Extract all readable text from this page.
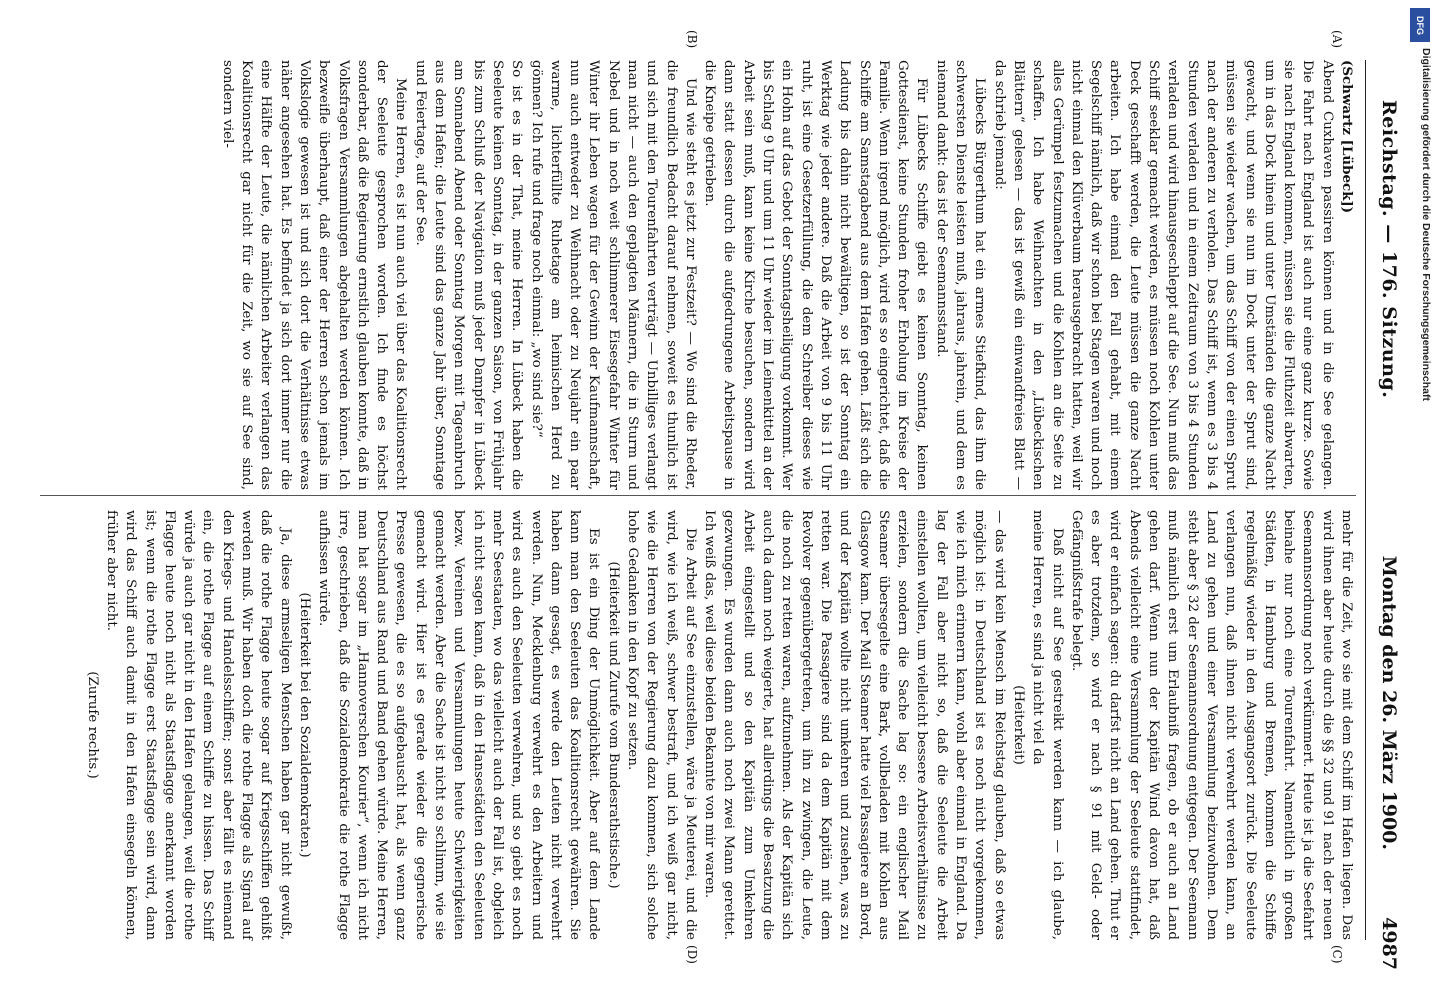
Reichstag. — 176. Sitzung.
Montag den 26. März 1900.
4987

(Schwartz [Lübeck])

Abend Cuxhaven passiren können und in die See gelangen. Die Fahrt nach England ist auch nur eine ganz kurze. Sowie sie nach England kommen, müssen sie die Fluthzeit abwarten, um in das Dock hinein und unter Umständen die ganze Nacht gewacht, und wenn sie nun im Dock unter der Sprut sind, müssen sie wieder wachen, um das Schiff von der einen Sprut nach der anderen zu verholen. Das Schiff ist, wenn es 3 bis 4 Stunden verladen und in einem Zeitraum von 3 bis 4 Stunden verladen und wird hinausgeschleppt auf die See. Nun muß das Schiff seeklar gemacht werden, es müssen noch Kohlen unter Deck geschafft werden, die Leute müssen die ganze Nacht arbeiten. Ich habe einmal den Fall gehabt, mit einem Segelschiff nämlich, daß wir schon bei Stagen waren und noch nicht einmal den Klüverbaum herausgebracht hatten, weil wir alles Gerümpel festzumachen und die Kohlen an die Seite zu schaffen. Ich habe Weihnachten in den „Lübeckischen Blättern“ gelesen — das ist gewiß ein einwandfreies Blatt — da schrieb jemand:

Lübecks Bürgerthum hat ein armes Stiefkind, das ihm die schwersten Dienste leisten muß, jahraus, jahrein, und dem es niemand dankt: das ist der Seemannsstand.

Für Lübecks Schiffe giebt es keinen Sonntag, keinen Gottesdienst, keine Stunden froher Erholung im Kreise der Familie. Wenn irgend möglich, wird es so eingerichtet, daß die Schiffe am Samstagabend aus dem Hafen gehen. Läßt sich die Ladung bis dahin nicht bewältigen, so ist der Sonntag ein Werktag wie jeder andere. Daß die Arbeit von 9 bis 11 Uhr ruht, ist eine Gesetzerfüllung, die dem Schreiber dieses wie ein Hohn auf das Gebot der Sonntagsheiligung vorkommt. Wer bis Schlag 9 Uhr und um 11 Uhr wieder im Leinenkittel an der Arbeit sein muß, kann keine Kirche besuchen, sondern wird dann statt dessen durch die aufgedrungene Arbeitspause in die Kneipe getrieben.

Und wie steht es jetzt zur Festzeit? — Wo sind die Rheder, die freundlich Bedacht darauf nehmen, soweit es thunlich ist und sich mit den Tourenfahrten verträgt — Unbilliges verlangt man nicht — auch den geplagten Männern, die in Sturm und Nebel und in noch weit schlimmerer Eisesgefahr Winter für Winter ihr Leben wagen für der Gewinn der Kaufmannschaft, nun auch entweder zu Weihnacht oder zu Neujahr ein paar warme, lichterfüllte Ruhetage am heimischen Herd zu gönnen? Ich rufe und frage noch einmal: „wo sind sie?“

So ist es in der That, meine Herren. In Lübeck haben die Seeleute keinen Sonntag, in der ganzen Saison, von Frühjahr bis zum Schluß der Navigation muß jeder Dampfer in Lübeck am Sonnabend Abend oder Sonntag Morgen mit Tageanbruch aus dem Hafen; die Leute sind das ganze Jahr über, Sonntage und Feiertage, auf der See.

Meine Herren, es ist nun auch viel über das Koalitionsrecht der Seeleute gesprochen worden. Ich finde es höchst sonderbar, daß die Regierung ernstlich glauben konnte, daß in Volksfragen Versammlungen abgehalten werden können. Ich bezweifle überhaupt, daß einer der Herren schon jemals im Volkslogie gewesen ist und sich dort die Verhältnisse etwas näher angesehen hat. Es befindet ja sich dort immer nur die eine Hälfte der Leute, die nämlichen Arbeiter verlangen das Koalitionsrecht gar nicht für die Zeit, wo sie auf See sind, sondern viel-

mehr für die Zeit, wo sie mit dem Schiff im Hafen liegen. Das wird ihnen aber heute durch die §§ 32 und 91 nach der neuen Seemannsordnung noch verkümmert. Heute ist ja die Seefahrt beinahe nur noch eine Tourenfahrt. Namentlich in großen Städten, in Hamburg und Bremen, kommen die Schiffe regelmäßig wieder in den Ausgangsort zurück. Die Seeleute verlangen nun, daß ihnen nicht verwehrt werden kann, an Land zu gehen und einer Versammlung beizuwohnen. Dem steht aber § 32 der Seemannsordnung entgegen. Der Seemann muß nämlich erst um Erlaubniß fragen, ob er auch an Land gehen darf. Wenn nun der Kapitän Wind davon hat, daß Abends vielleicht eine Versammlung der Seeleute stattfindet, wird er einfach sagen: du darfst nicht an Land gehen. Thut er es aber trotzdem, so wird er nach § 91 mit Geld- oder Gefängnißstrafe belegt.

Daß nicht auf See gestreikt werden kann — ich glaube, meine Herren, es sind ja nicht viel da

(Heiterkeit)

— das wird kein Mensch im Reichstag glauben, daß so etwas möglich ist: in Deutschland ist es noch nicht vorgekommen, wie ich mich erinnern kann, wohl aber einmal in England. Da lag der Fall aber nicht so, daß die Seeleute die Arbeit einstellen wollten, um vielleicht bessere Arbeitsverhältnisse zu erzielen, sondern die Sache lag so: ein englischer Mail Steamer übersegelte eine Bark, vollbeladen mit Kohlen aus Glasgow kam. Der Mail Steamer hatte viel Passagiere an Bord, und der Kapitän wollte nicht umkehren und zusehen, was zu retten war. Die Passagiere sind da dem Kapitän mit dem Revolver gegenübergetreten, um ihn zu zwingen, die Leute, die noch zu retten waren, aufzunehmen. Als der Kapitän sich auch da dann noch weigerte, hat allerdings die Besatzung die Arbeit eingestellt und so den Kapitän zum Umkehren gezwungen. Es wurden dann auch noch zwei Mann gerettet. Ich weiß das, weil diese beiden Bekannte von mir waren.

Die Arbeit auf See einzustellen, wäre ja Meuterei, und die wird, wie ich weiß, schwer bestraft, und ich weiß gar nicht, wie die Herren von der Regierung dazu kommen, sich solche hohe Gedanken in den Kopf zu setzen.

(Heiterkeit und Zurufe vom Bundesrathstische.)

Es ist ein Ding der Unmöglichkeit. Aber auf dem Lande kann man den Seeleuten das Koalitionsrecht gewähren. Sie haben dann gesagt, es werde den Leuten nicht verwehrt werden. Nun, Mecklenburg verwehrt es den Arbeitern und wird es auch den Seeleuten verwehren, und so giebt es noch mehr Seestaaten, wo das vielleicht auch der Fall ist, obgleich ich nicht sagen kann, daß in den Hansestädten den Seeleuten bezw. Vereinen und Versammlungen heute Schwierigkeiten gemacht werden. Aber die Sache ist nicht so schlimm, wie sie gemacht wird. Hier ist es gerade wieder die gegnerische Presse gewesen, die es so aufgebauscht hat, als wenn ganz Deutschland aus Rand und Band gehen würde. Meine Herren, man hat sogar im „Hannoverschen Kourier“, wenn ich nicht irre, geschrieben, daß die Sozialdemokratie die rothe Flagge aufhissen würde.

(Heiterkeit bei den Sozialdemokraten.)

Ja, diese armseligen Menschen haben gar nicht gewußt, daß die rothe Flagge heute sogar auf Kriegsschiffen gehißt werden muß. Wir haben doch die rothe Flagge als Signal auf den Kriegs- und Handelsschiffen; sonst aber fällt es niemand ein, die rothe Flagge auf einem Schiffe zu hissen. Das Schiff würde ja auch gar nicht in den Hafen gelangen, weil die rothe Flagge heute noch nicht als Staatsflagge anerkannt worden ist; wenn die rothe Flagge erst Staatsflagge sein wird, dann wird das Schiff auch damit in den Hafen einsegeln können, früher aber nicht.

(Zurufe rechts.)

(A)
(B)
(C)
(D)
Digitalisierung gefördert durch die Deutsche Forschungsgemeinschaft
DFG
